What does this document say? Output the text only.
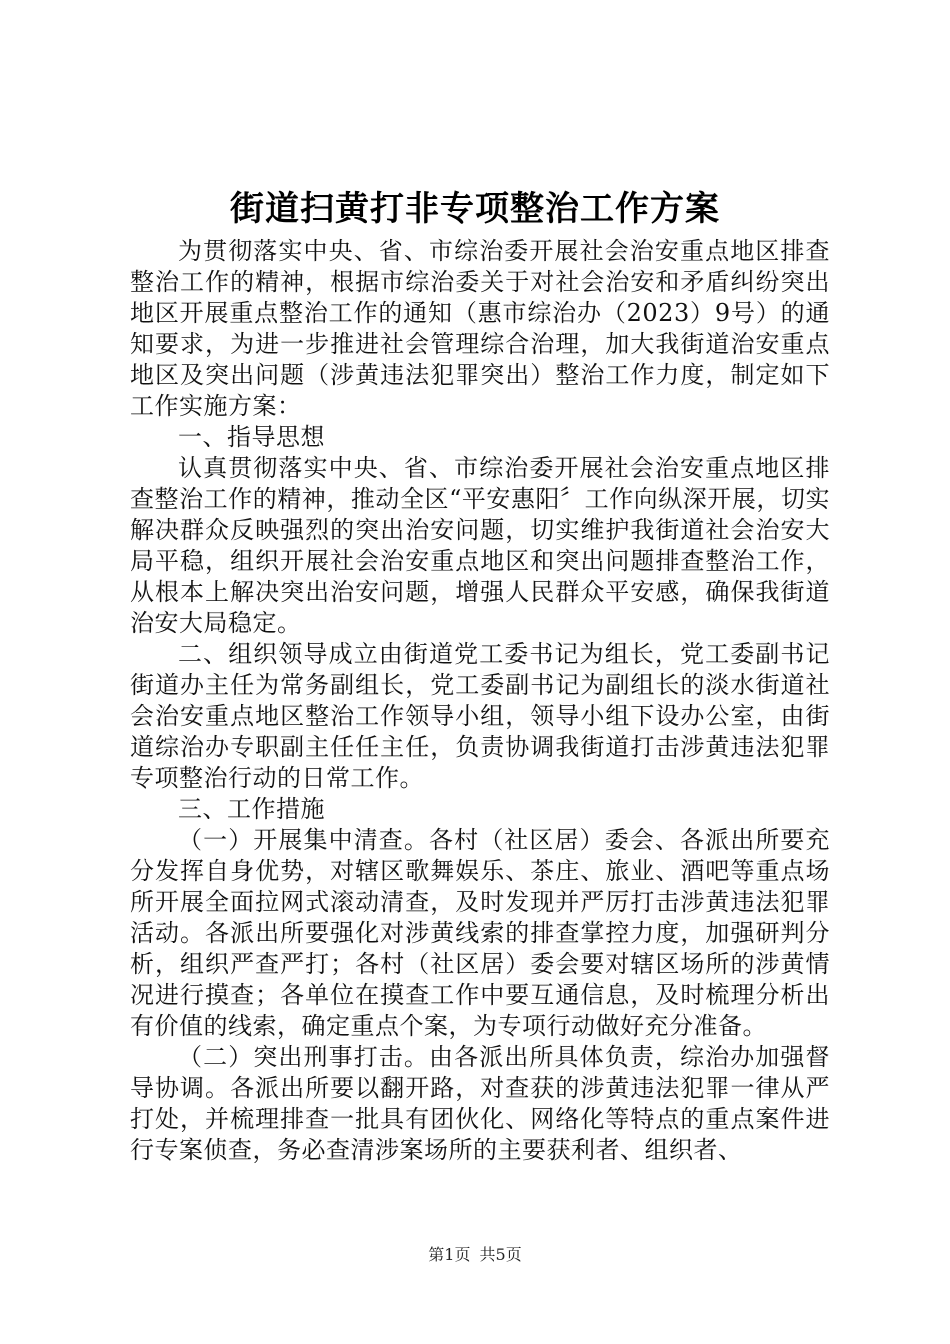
街道扫黄打非专项整治工作方案

为贯彻落实中央、省、市综治委开展社会治安重点地区排查整治工作的精神，根据市综治委关于对社会治安和矛盾纠纷突出地区开展重点整治工作的通知（惠市综治办（2023）9号）的通知要求，为进一步推进社会管理综合治理，加大我街道治安重点地区及突出问题（涉黄违法犯罪突出）整治工作力度，制定如下工作实施方案：

一、指导思想

认真贯彻落实中央、省、市综治委开展社会治安重点地区排查整治工作的精神，推动全区“平安惠阳〞工作向纵深开展，切实解决群众反映强烈的突出治安问题，切实维护我街道社会治安大局平稳，组织开展社会治安重点地区和突出问题排查整治工作，从根本上解决突出治安问题，增强人民群众平安感，确保我街道治安大局稳定。

二、组织领导成立由街道党工委书记为组长，党工委副书记街道办主任为常务副组长，党工委副书记为副组长的淡水街道社会治安重点地区整治工作领导小组，领导小组下设办公室，由街道综治办专职副主任任主任，负责协调我街道打击涉黄违法犯罪专项整治行动的日常工作。

三、工作措施

（一）开展集中清查。各村（社区居）委会、各派出所要充分发挥自身优势，对辖区歌舞娱乐、茶庄、旅业、酒吧等重点场所开展全面拉网式滚动清查，及时发现并严厉打击涉黄违法犯罪活动。各派出所要强化对涉黄线索的排查掌控力度，加强研判分析，组织严查严打；各村（社区居）委会要对辖区场所的涉黄情况进行摸查；各单位在摸查工作中要互通信息，及时梳理分析出有价值的线索，确定重点个案，为专项行动做好充分准备。

（二）突出刑事打击。由各派出所具体负责，综治办加强督导协调。各派出所要以翻开路，对查获的涉黄违法犯罪一律从严打处，并梳理排查一批具有团伙化、网络化等特点的重点案件进行专案侦查，务必查清涉案场所的主要获利者、组织者、

第1页 共5页
